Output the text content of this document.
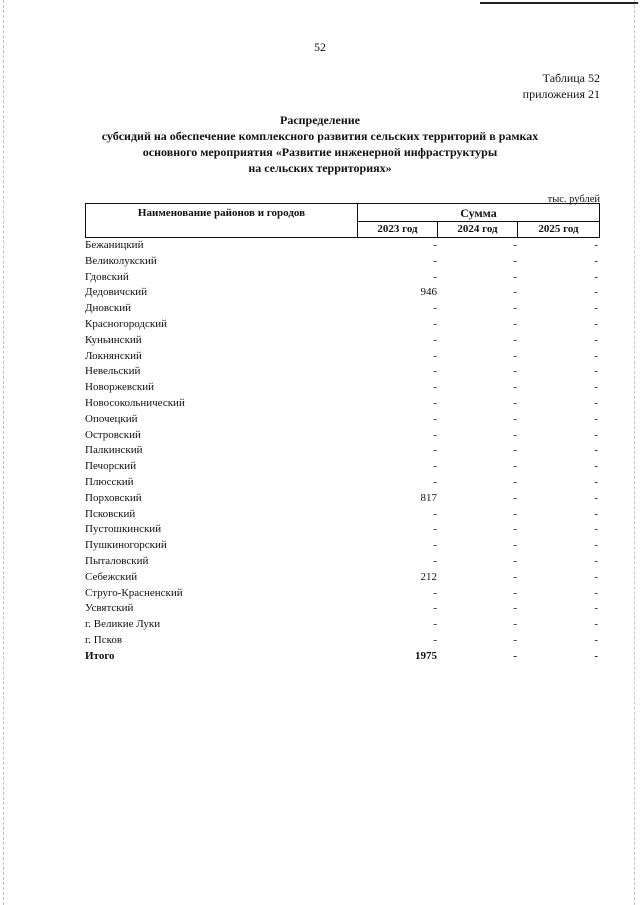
52
Таблица 52
приложения 21
Распределение
субсидий на обеспечение комплексного развития сельских территорий в рамках
основного мероприятия «Развитие инженерной инфраструктуры
на сельских территориях»
тыс. рублей
Наименование районов и городов	Сумма
2023 год	2024 год	2025 год
Бежаницкий	-	-	-
Великолукский	-	-	-
Гдовский	-	-	-
Дедовичский	946	-	-
Дновский	-	-	-
Красногородский	-	-	-
Куньинский	-	-	-
Локнянский	-	-	-
Невельский	-	-	-
Новоржевский	-	-	-
Новосокольнический	-	-	-
Опочецкий	-	-	-
Островский	-	-	-
Палкинский	-	-	-
Печорский	-	-	-
Плюсский	-	-	-
Порховский	817	-	-
Псковский	-	-	-
Пустошкинский	-	-	-
Пушкиногорский	-	-	-
Пыталовский	-	-	-
Себежский	212	-	-
Струго-Красненский	-	-	-
Усвятский	-	-	-
г. Великие Луки	-	-	-
г. Псков	-	-	-
Итого	1975	-	-
